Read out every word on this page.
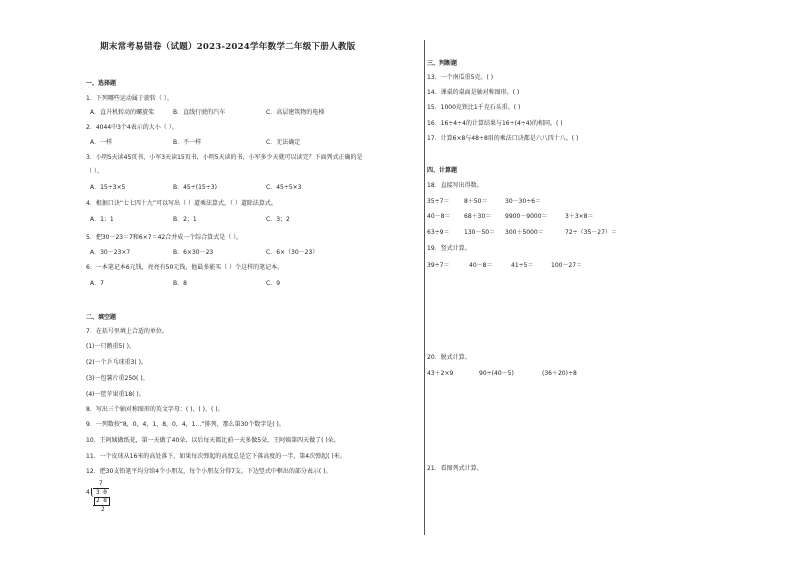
期末常考易错卷（试题）2023-2024学年数学二年级下册人教版
一、选择题
1．下列哪些运动属于旋转（ ）。
A．直升机转动的螺旋桨	B．直线行驶的汽车	C．高层建筑物的电梯
2．4044中3个4表示的大小（ ）。
A．一样	B．不一样	C．无法确定
3．小明5天读45页书，小军3天读15页书，小明5天读的书，小军多少天就可以读完？下面列式正确的是
（ ）。
A．15÷3×5	B．45÷(15÷3)	C．45÷5×3
4．根据口诀“七七四十九”可以写出（ ）道乘法算式，（ ）道除法算式。
A．1；1	B．2；1	C．3；2
5．把30－23＝7和6×7＝42合并成一个综合算式是（ ）。
A．30－23×7	B．6×30－23	C．6×（30－23）
6．一本笔记本6元钱，亮亮有50元钱，他最多能买（ ）个这样的笔记本。
A．7	B．8	C．9
二、填空题
7．在括号里填上合适的单位。
(1)一只鹅重5( )。
(2)一个乒乓球重3( )。
(3)一包薯片重250( )。
(4)一筐苹果重18( )。
8．写出三个轴对称图形的英文字母：( )、( )、( )。
9．一列数按“8，0，4，1，8，0，4，1…”排列，那么第30个数字是( )。
10．王阿姨做纸花，第一天做了40朵，以后每天都比前一天多做5朵，王阿姨第四天做了( )朵。
11．一个皮球从16米的高处落下，如果每次弹起的高度总是它下落高度的一半，第4次弹起( )米。
12．把30支铅笔平均分给4个小朋友，每个小朋友分得7支。下边竖式中框出的部分表示( )。
7
4 3 0
2 8
2
三、判断题
13．一个南瓜重5克。( )
14．课桌的桌面是轴对称图形。( )
15．1000克铁比1千克石头重。( )
16．16÷4÷4的计算结果与16÷(4÷4)的相同。( )
17．计算6×8与48÷8用的乘法口诀都是六八四十八。( )
四、计算题
18．直接写出得数。
35÷7＝ 8＋50＝	30－30÷6＝
40－8＝ 68＋30＝ 9900－9000＝	3＋3×8＝
63÷9＝ 130－50＝ 300＋5000＝	72÷（35－27）＝
19．竖式计算。
39÷7＝	40－8＝	41÷5＝	100－27＝
20．脱式计算。
43＋2×9	90÷(40－5)	(36＋20)÷8
21．看图列式计算。
